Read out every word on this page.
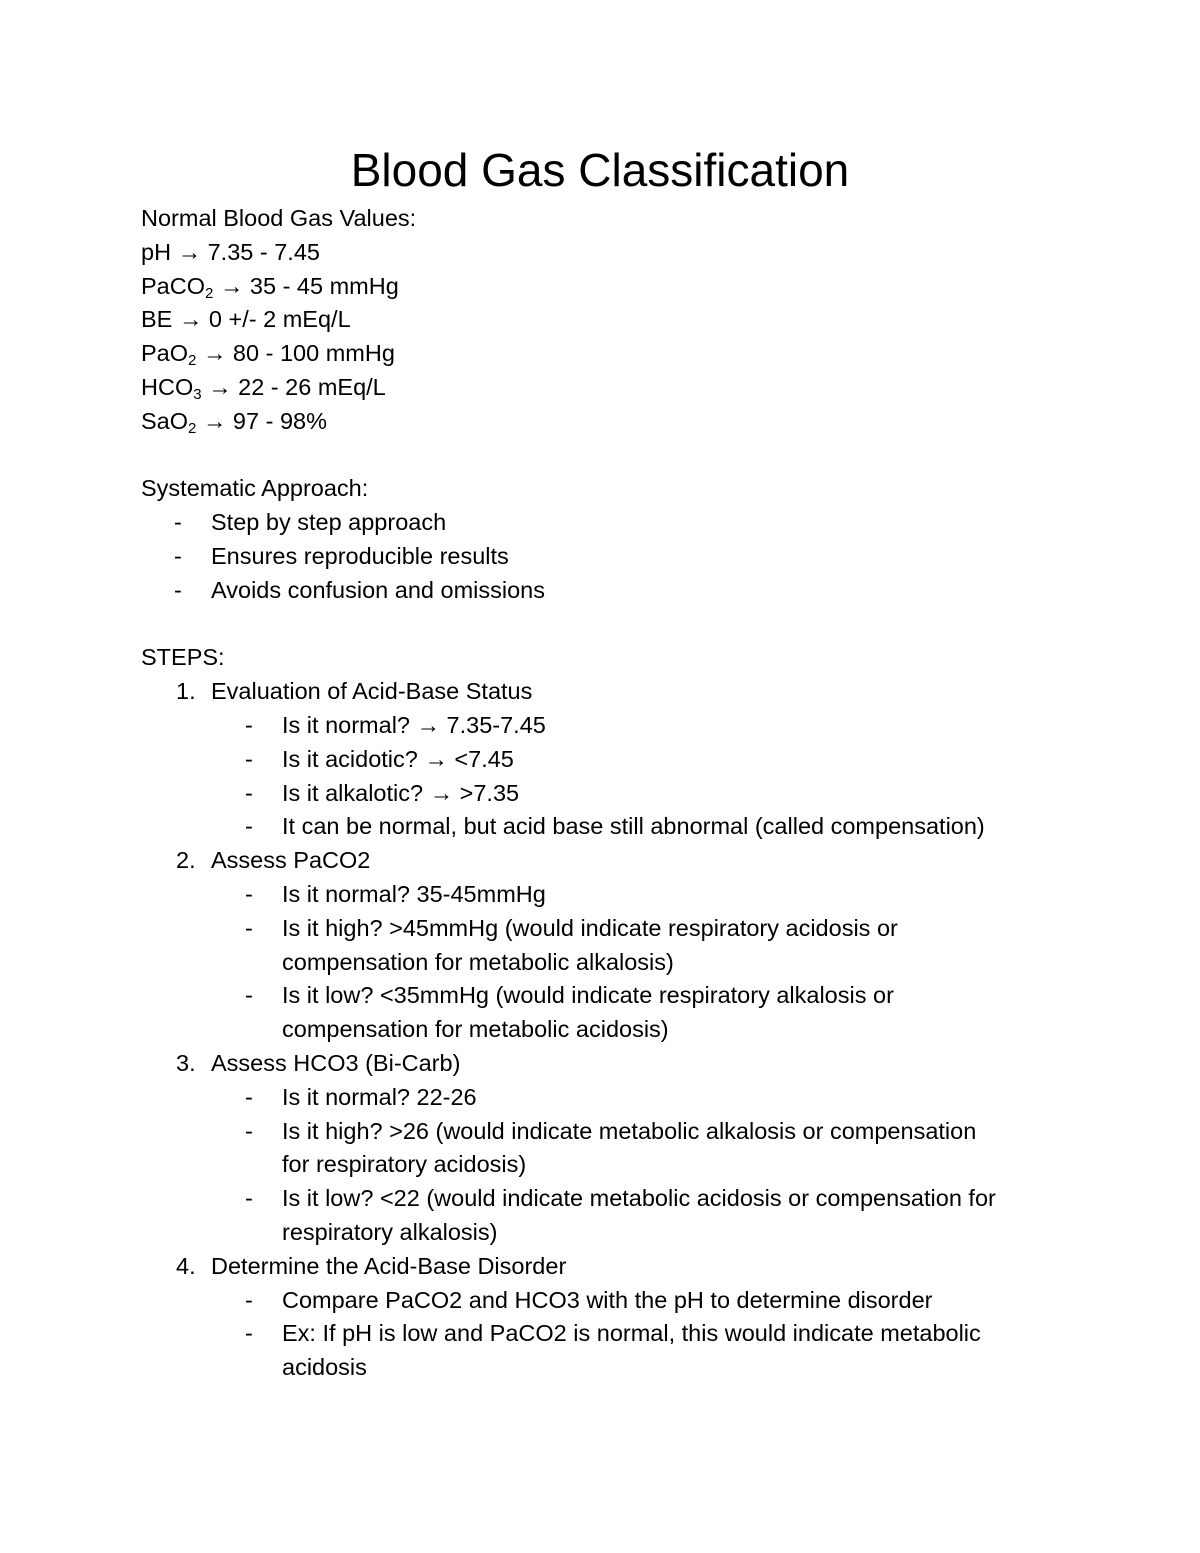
Blood Gas Classification
Normal Blood Gas Values:
pH → 7.35 - 7.45
PaCO$_2$ → 35 - 45 mmHg
BE → 0 +/- 2 mEq/L
PaO$_2$ → 80 - 100 mmHg
$HCO_3 \to 22 - 26$ mEq/L
SaO$_2$ → 97 - 98%
Systematic Approach:
- Step by step approach
- Ensures reproducible results
- Avoids confusion and omissions
STEPS:
1. Evaluation of Acid-Base Status
- Is it normal? → 7.35-7.45
- Is it acidotic? → <7.45
- Is it alkalotic? → >7.35
- It can be normal, but acid base still abnormal (called compensation)
2. Assess PaCO2
- Is it normal? 35-45mmHg
- Is it high? >45mmHg (would indicate respiratory acidosis or
compensation for metabolic alkalosis)
- Is it low? <35mmHg (would indicate respiratory alkalosis or
compensation for metabolic acidosis)
3. Assess HCO3 (Bi-Carb)
- Is it normal? 22-26
- Is it high? >26 (would indicate metabolic alkalosis or compensation
for respiratory acidosis)
- Is it low? <22 (would indicate metabolic acidosis or compensation for
respiratory alkalosis)
4. Determine the Acid-Base Disorder
- Compare PaCO2 and HCO3 with the pH to determine disorder
- Ex: If pH is low and PaCO2 is normal, this would indicate metabolic
acidosis
